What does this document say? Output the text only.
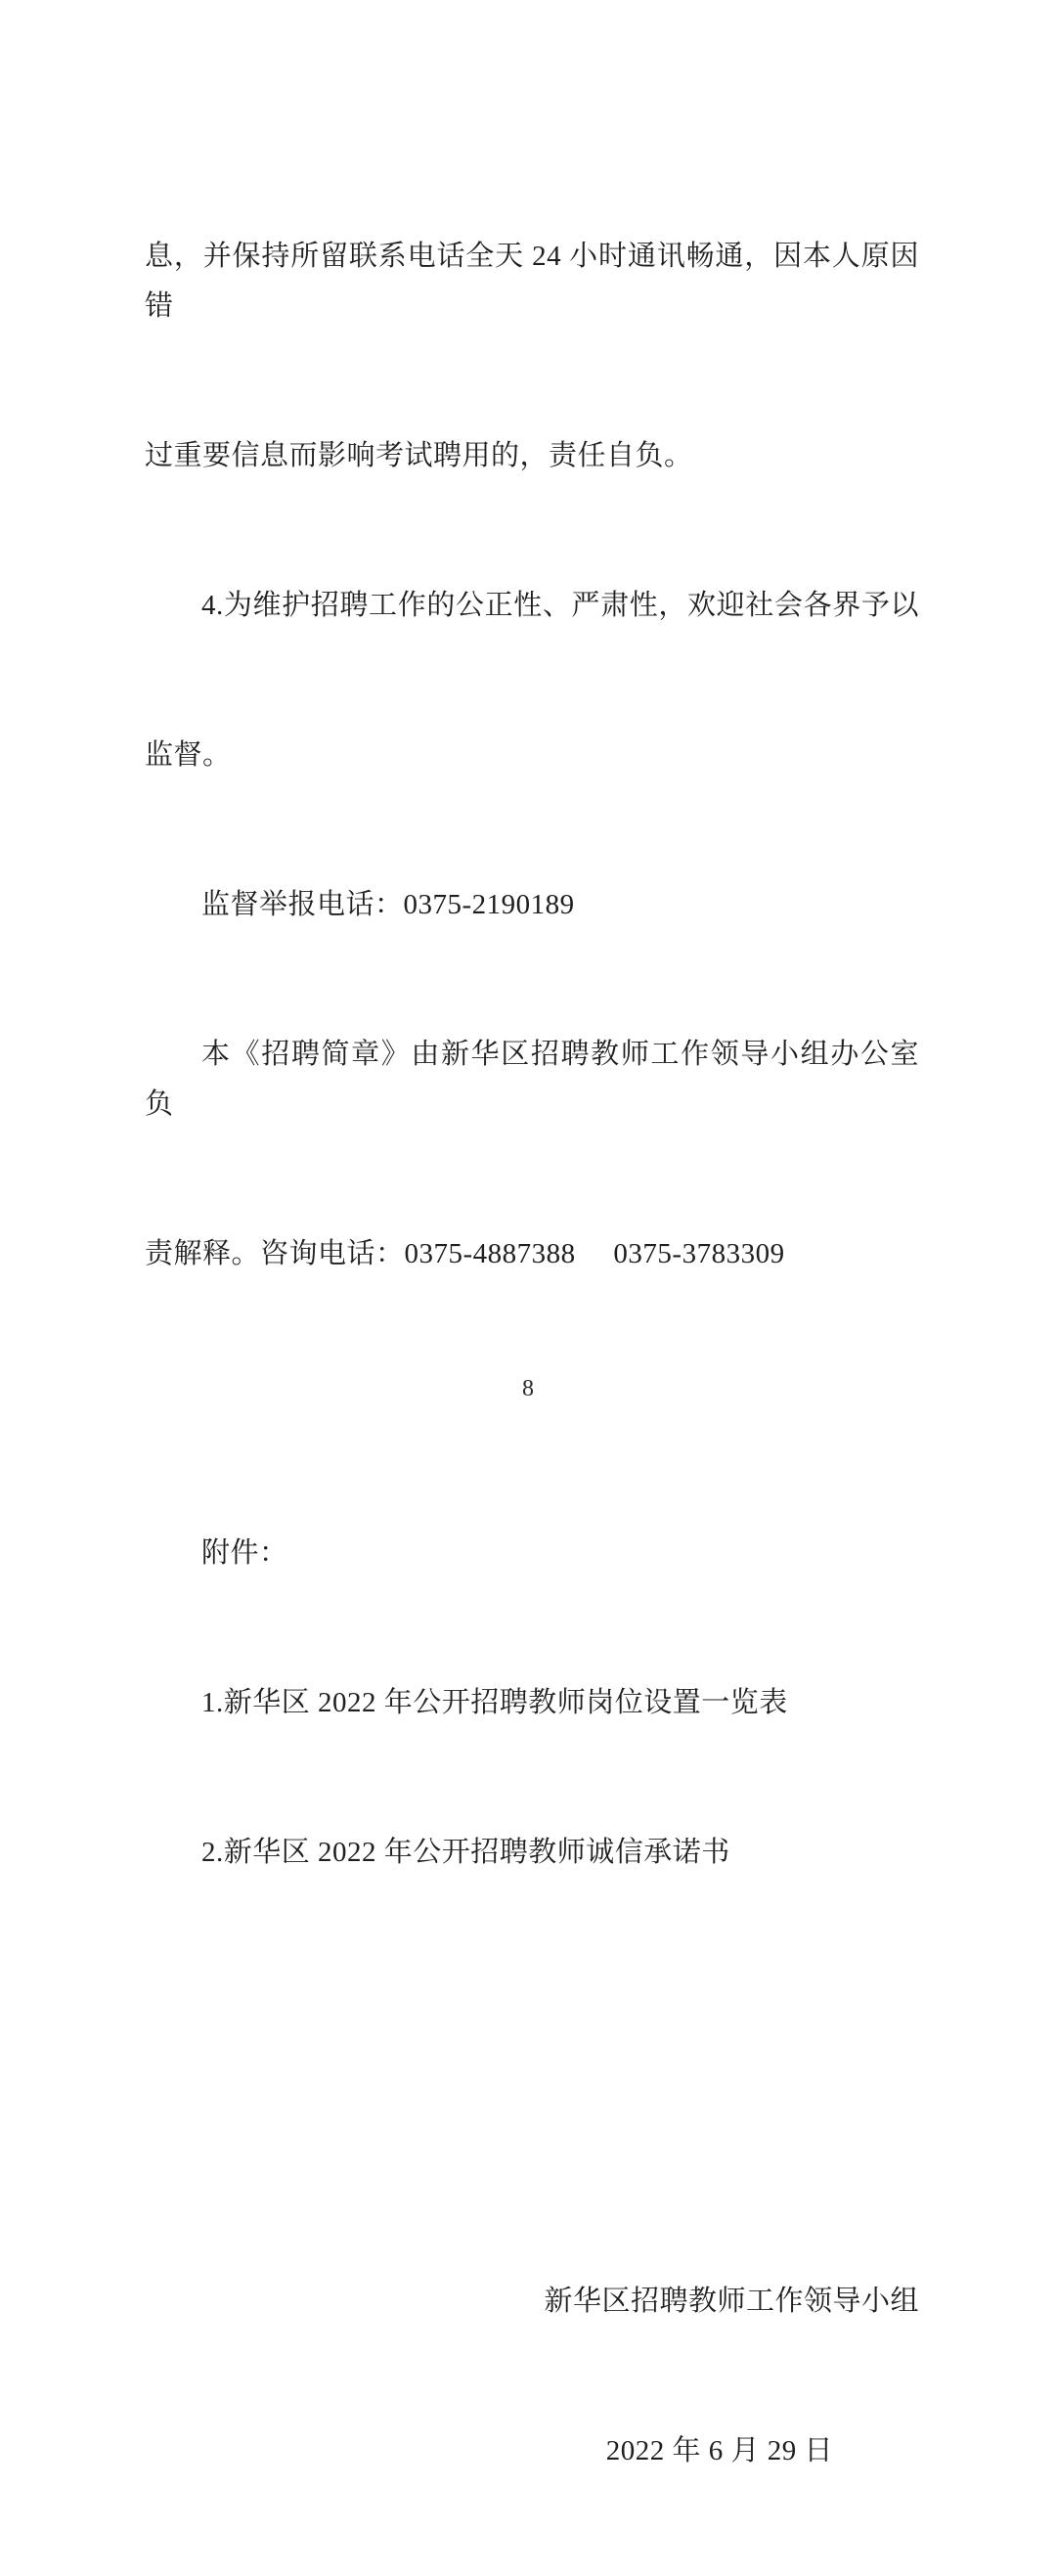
息，并保持所留联系电话全天 24 小时通讯畅通，因本人原因错

过重要信息而影响考试聘用的，责任自负。

4.为维护招聘工作的公正性、严肃性，欢迎社会各界予以

监督。

监督举报电话：0375-2190189

本《招聘简章》由新华区招聘教师工作领导小组办公室负

责解释。咨询电话：0375-4887388     0375-3783309

附件：

1.新华区 2022 年公开招聘教师岗位设置一览表

2.新华区 2022 年公开招聘教师诚信承诺书

新华区招聘教师工作领导小组

2022 年 6 月 29 日

8
